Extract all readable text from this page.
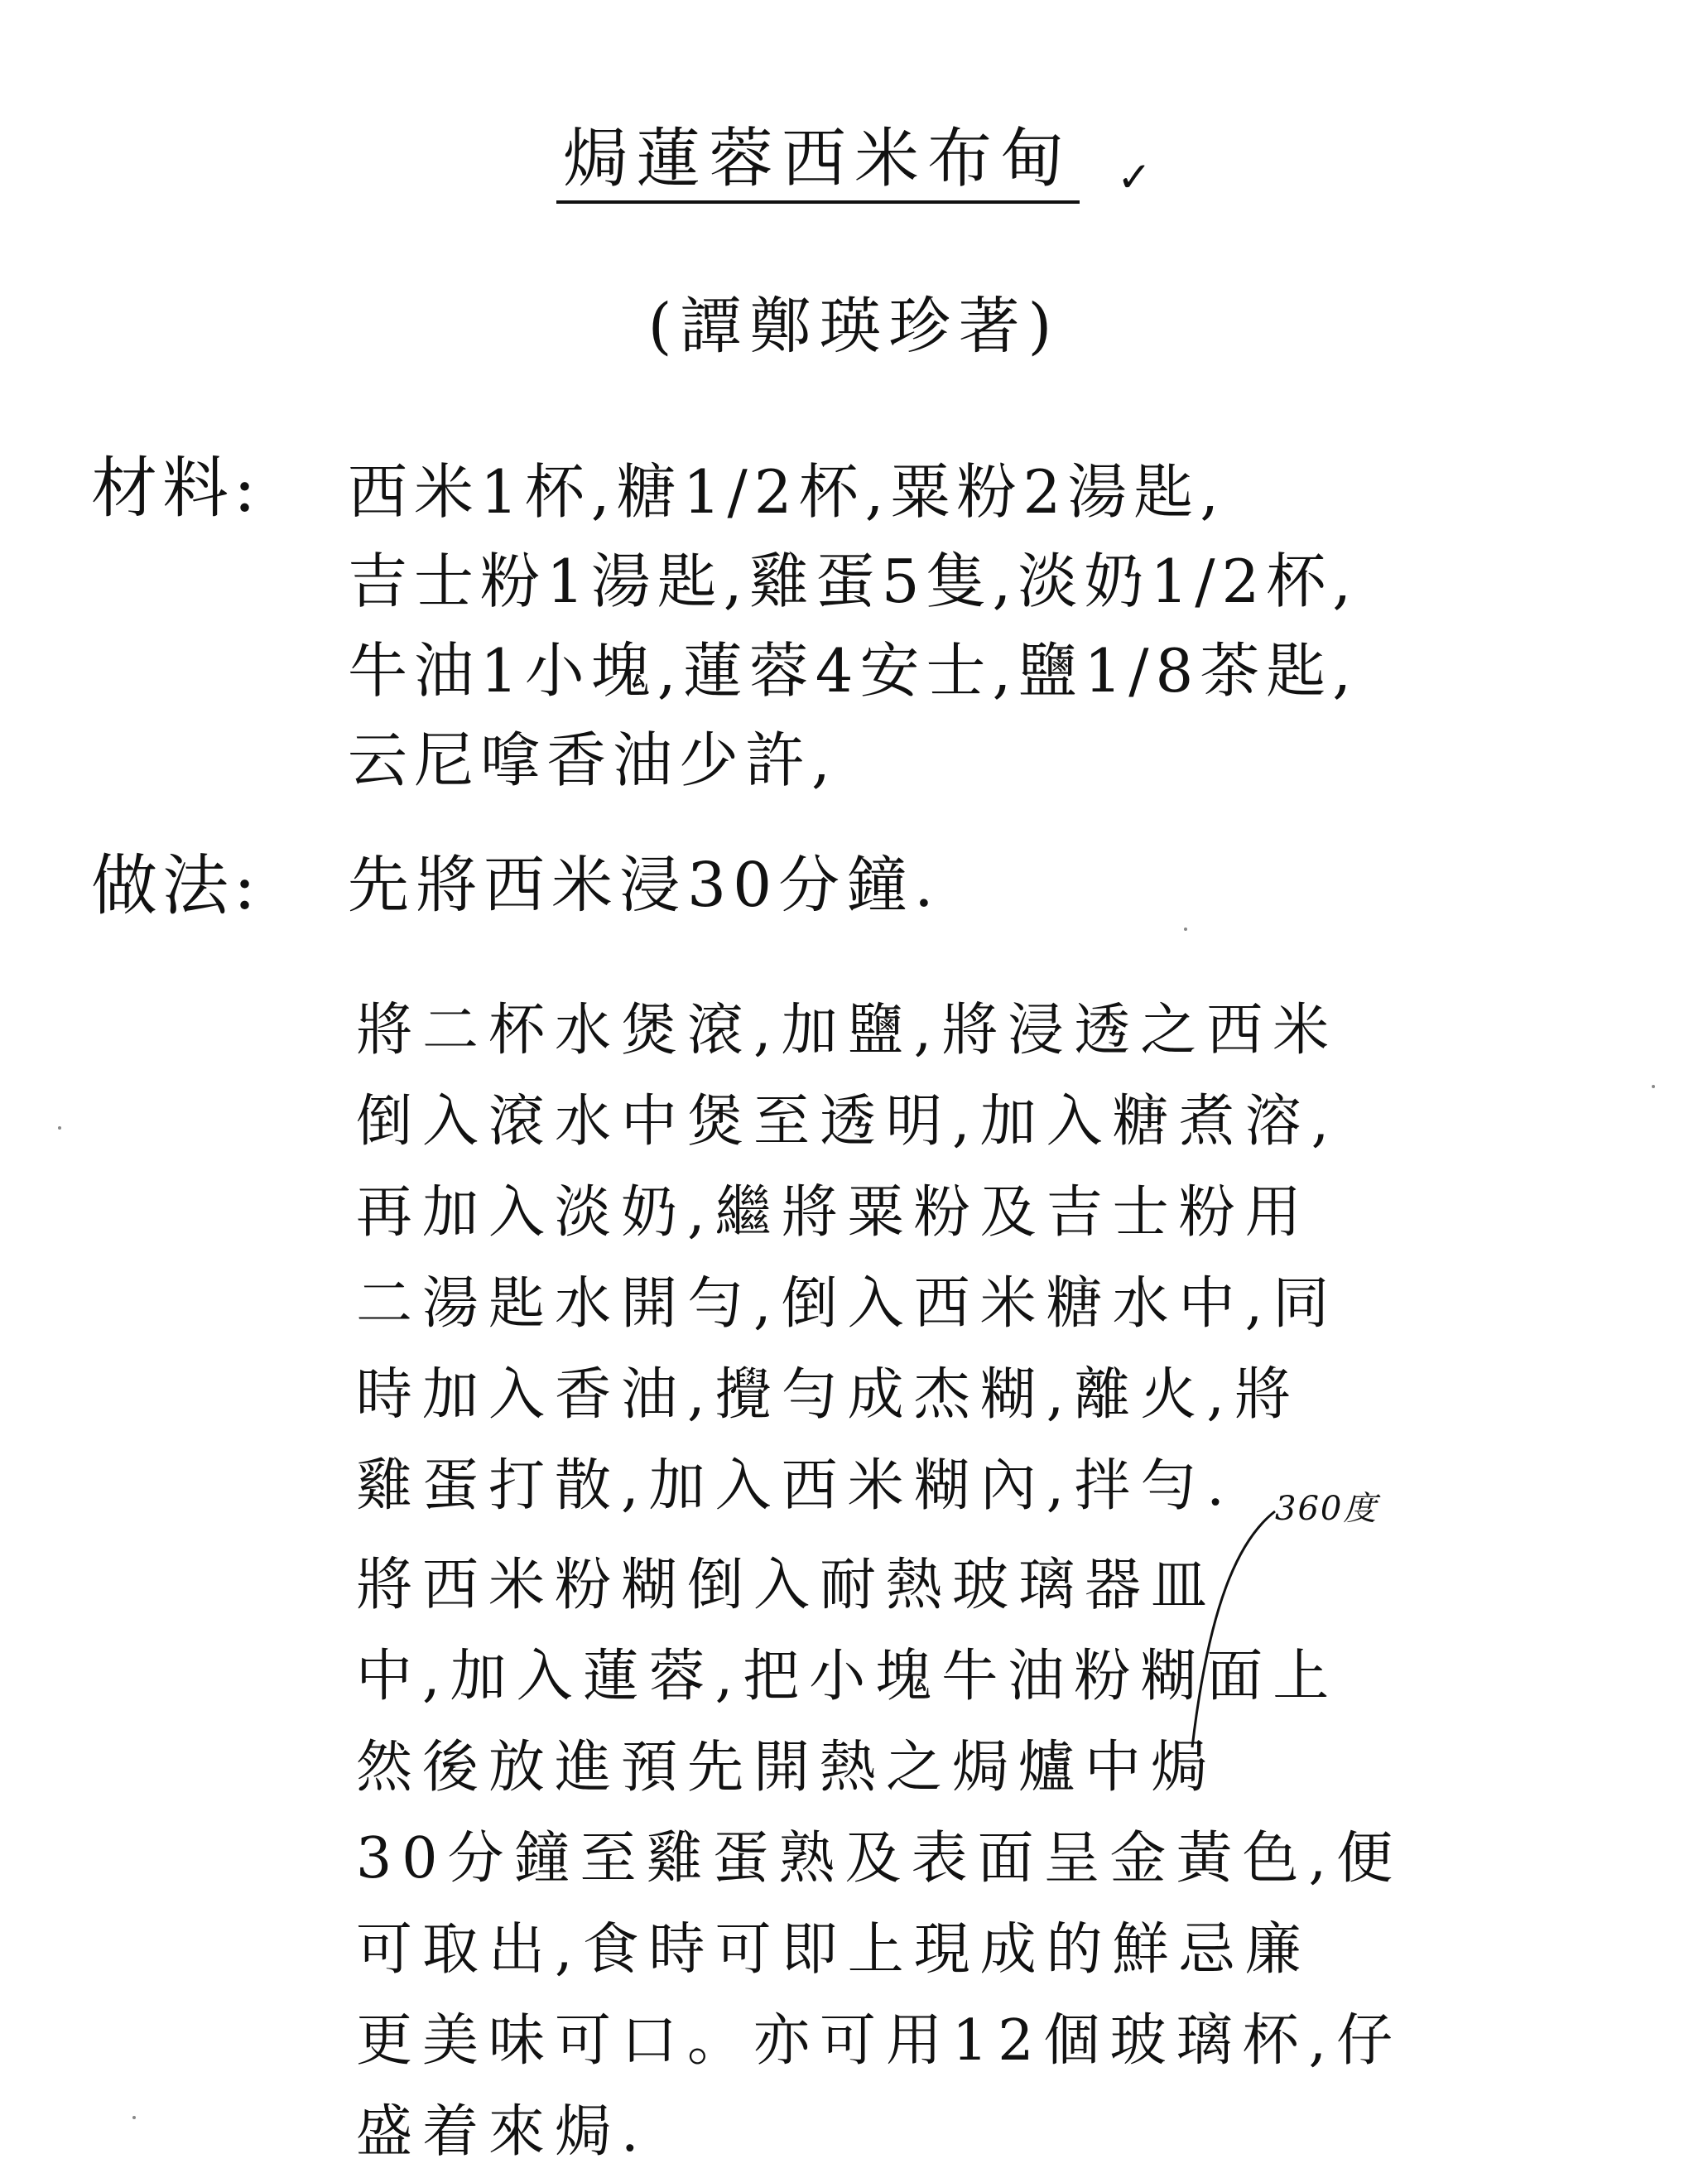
焗蓮蓉西米布甸 ✓
(譚鄭瑛珍著)
材料: 西米1杯,糖1/2杯,粟粉2湯匙,
吉士粉1湯匙,雞蛋5隻,淡奶1/2杯,
牛油1小塊,蓮蓉4安士,鹽1/8茶匙,
云尼嗱香油少許,
做法: 先將西米浸30分鐘.
將二杯水煲滾,加鹽,將浸透之西米
倒入滾水中煲至透明,加入糖煮溶,
再加入淡奶,繼將粟粉及吉士粉用
二湯匙水開勻,倒入西米糖水中,同
時加入香油,攪勻成杰糊,離火,將
雞蛋打散,加入西米糊內,拌勻.	360度
將西米粉糊倒入耐熱玻璃器皿
中,加入蓮蓉,把小塊牛油粉糊面上
然後放進預先開熱之焗爐中焗
30分鐘至雞蛋熟及表面呈金黃色,便
可取出,食時可即上現成的鮮忌廉
更美味可口。亦可用12個玻璃杯,仔
盛着來焗.
